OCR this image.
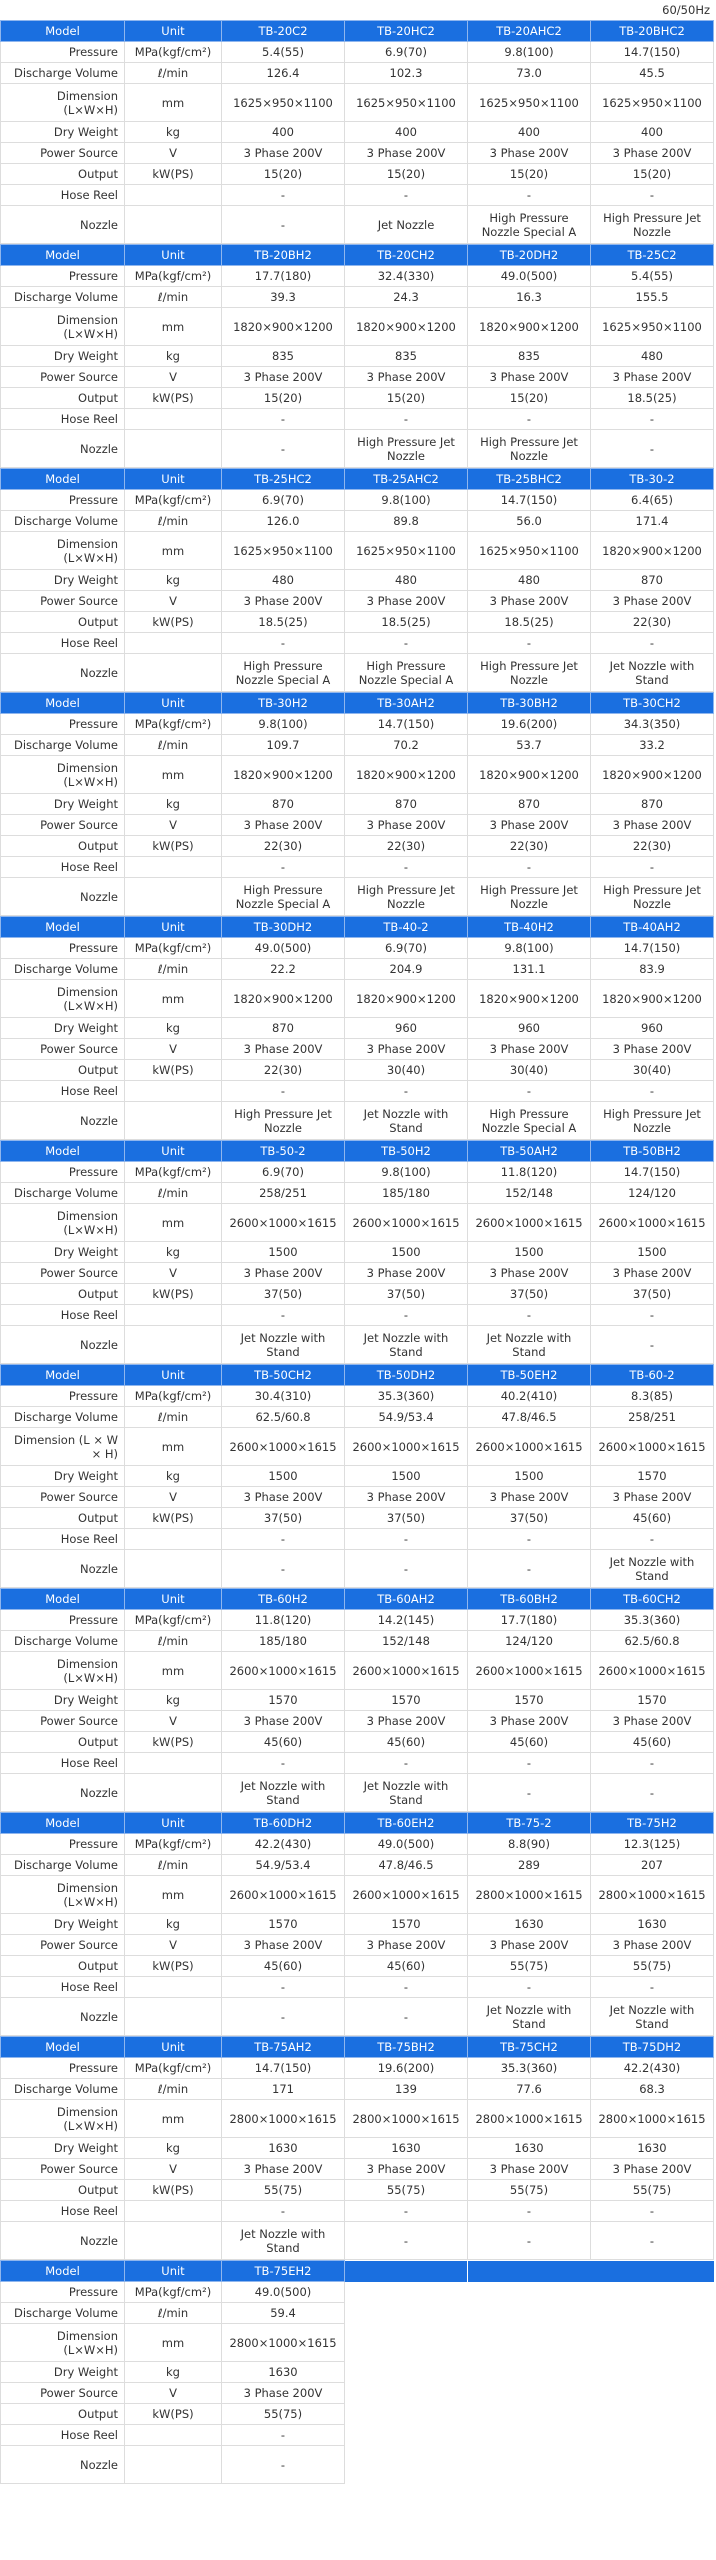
60/50Hz
Model	Unit	TB-20C2	TB-20HC2	TB-20AHC2	TB-20BHC2
Pressure	MPa(kgf/cm²)	5.4(55)	6.9(70)	9.8(100)	14.7(150)
Discharge Volume	ℓ/min	126.4	102.3	73.0	45.5
Dimension (L×W×H)	mm	1625×950×1100	1625×950×1100	1625×950×1100	1625×950×1100
Dry Weight	kg	400	400	400	400
Power Source	V	3 Phase 200V	3 Phase 200V	3 Phase 200V	3 Phase 200V
Output	kW(PS)	15(20)	15(20)	15(20)	15(20)
Hose Reel		-	-	-	-
Nozzle		-	Jet Nozzle	High Pressure Nozzle Special A	High Pressure Jet Nozzle
Model	Unit	TB-20BH2	TB-20CH2	TB-20DH2	TB-25C2
Pressure	MPa(kgf/cm²)	17.7(180)	32.4(330)	49.0(500)	5.4(55)
Discharge Volume	ℓ/min	39.3	24.3	16.3	155.5
Dimension (L×W×H)	mm	1820×900×1200	1820×900×1200	1820×900×1200	1625×950×1100
Dry Weight	kg	835	835	835	480
Power Source	V	3 Phase 200V	3 Phase 200V	3 Phase 200V	3 Phase 200V
Output	kW(PS)	15(20)	15(20)	15(20)	18.5(25)
Hose Reel		-	-	-	-
Nozzle		-	High Pressure Jet Nozzle	High Pressure Jet Nozzle	-
Model	Unit	TB-25HC2	TB-25AHC2	TB-25BHC2	TB-30-2
Pressure	MPa(kgf/cm²)	6.9(70)	9.8(100)	14.7(150)	6.4(65)
Discharge Volume	ℓ/min	126.0	89.8	56.0	171.4
Dimension (L×W×H)	mm	1625×950×1100	1625×950×1100	1625×950×1100	1820×900×1200
Dry Weight	kg	480	480	480	870
Power Source	V	3 Phase 200V	3 Phase 200V	3 Phase 200V	3 Phase 200V
Output	kW(PS)	18.5(25)	18.5(25)	18.5(25)	22(30)
Hose Reel		-	-	-	-
Nozzle		High Pressure Nozzle Special A	High Pressure Nozzle Special A	High Pressure Jet Nozzle	Jet Nozzle with Stand
Model	Unit	TB-30H2	TB-30AH2	TB-30BH2	TB-30CH2
Pressure	MPa(kgf/cm²)	9.8(100)	14.7(150)	19.6(200)	34.3(350)
Discharge Volume	ℓ/min	109.7	70.2	53.7	33.2
Dimension (L×W×H)	mm	1820×900×1200	1820×900×1200	1820×900×1200	1820×900×1200
Dry Weight	kg	870	870	870	870
Power Source	V	3 Phase 200V	3 Phase 200V	3 Phase 200V	3 Phase 200V
Output	kW(PS)	22(30)	22(30)	22(30)	22(30)
Hose Reel		-	-	-	-
Nozzle		High Pressure Nozzle Special A	High Pressure Jet Nozzle	High Pressure Jet Nozzle	High Pressure Jet Nozzle
Model	Unit	TB-30DH2	TB-40-2	TB-40H2	TB-40AH2
Pressure	MPa(kgf/cm²)	49.0(500)	6.9(70)	9.8(100)	14.7(150)
Discharge Volume	ℓ/min	22.2	204.9	131.1	83.9
Dimension (L×W×H)	mm	1820×900×1200	1820×900×1200	1820×900×1200	1820×900×1200
Dry Weight	kg	870	960	960	960
Power Source	V	3 Phase 200V	3 Phase 200V	3 Phase 200V	3 Phase 200V
Output	kW(PS)	22(30)	30(40)	30(40)	30(40)
Hose Reel		-	-	-	-
Nozzle		High Pressure Jet Nozzle	Jet Nozzle with Stand	High Pressure Nozzle Special A	High Pressure Jet Nozzle
Model	Unit	TB-50-2	TB-50H2	TB-50AH2	TB-50BH2
Pressure	MPa(kgf/cm²)	6.9(70)	9.8(100)	11.8(120)	14.7(150)
Discharge Volume	ℓ/min	258/251	185/180	152/148	124/120
Dimension (L×W×H)	mm	2600×1000×1615	2600×1000×1615	2600×1000×1615	2600×1000×1615
Dry Weight	kg	1500	1500	1500	1500
Power Source	V	3 Phase 200V	3 Phase 200V	3 Phase 200V	3 Phase 200V
Output	kW(PS)	37(50)	37(50)	37(50)	37(50)
Hose Reel		-	-	-	-
Nozzle		Jet Nozzle with Stand	Jet Nozzle with Stand	Jet Nozzle with Stand	-
Model	Unit	TB-50CH2	TB-50DH2	TB-50EH2	TB-60-2
Pressure	MPa(kgf/cm²)	30.4(310)	35.3(360)	40.2(410)	8.3(85)
Discharge Volume	ℓ/min	62.5/60.8	54.9/53.4	47.8/46.5	258/251
Dimension (L × W × H)	mm	2600×1000×1615	2600×1000×1615	2600×1000×1615	2600×1000×1615
Dry Weight	kg	1500	1500	1500	1570
Power Source	V	3 Phase 200V	3 Phase 200V	3 Phase 200V	3 Phase 200V
Output	kW(PS)	37(50)	37(50)	37(50)	45(60)
Hose Reel		-	-	-	-
Nozzle		-	-	-	Jet Nozzle with Stand
Model	Unit	TB-60H2	TB-60AH2	TB-60BH2	TB-60CH2
Pressure	MPa(kgf/cm²)	11.8(120)	14.2(145)	17.7(180)	35.3(360)
Discharge Volume	ℓ/min	185/180	152/148	124/120	62.5/60.8
Dimension (L×W×H)	mm	2600×1000×1615	2600×1000×1615	2600×1000×1615	2600×1000×1615
Dry Weight	kg	1570	1570	1570	1570
Power Source	V	3 Phase 200V	3 Phase 200V	3 Phase 200V	3 Phase 200V
Output	kW(PS)	45(60)	45(60)	45(60)	45(60)
Hose Reel		-	-	-	-
Nozzle		Jet Nozzle with Stand	Jet Nozzle with Stand	-	-
Model	Unit	TB-60DH2	TB-60EH2	TB-75-2	TB-75H2
Pressure	MPa(kgf/cm²)	42.2(430)	49.0(500)	8.8(90)	12.3(125)
Discharge Volume	ℓ/min	54.9/53.4	47.8/46.5	289	207
Dimension (L×W×H)	mm	2600×1000×1615	2600×1000×1615	2800×1000×1615	2800×1000×1615
Dry Weight	kg	1570	1570	1630	1630
Power Source	V	3 Phase 200V	3 Phase 200V	3 Phase 200V	3 Phase 200V
Output	kW(PS)	45(60)	45(60)	55(75)	55(75)
Hose Reel		-	-	-	-
Nozzle		-	-	Jet Nozzle with Stand	Jet Nozzle with Stand
Model	Unit	TB-75AH2	TB-75BH2	TB-75CH2	TB-75DH2
Pressure	MPa(kgf/cm²)	14.7(150)	19.6(200)	35.3(360)	42.2(430)
Discharge Volume	ℓ/min	171	139	77.6	68.3
Dimension (L×W×H)	mm	2800×1000×1615	2800×1000×1615	2800×1000×1615	2800×1000×1615
Dry Weight	kg	1630	1630	1630	1630
Power Source	V	3 Phase 200V	3 Phase 200V	3 Phase 200V	3 Phase 200V
Output	kW(PS)	55(75)	55(75)	55(75)	55(75)
Hose Reel		-	-	-	-
Nozzle		Jet Nozzle with Stand	-	-	-
Model	Unit	TB-75EH2			
Pressure	MPa(kgf/cm²)	49.0(500)			
Discharge Volume	ℓ/min	59.4			
Dimension (L×W×H)	mm	2800×1000×1615			
Dry Weight	kg	1630			
Power Source	V	3 Phase 200V			
Output	kW(PS)	55(75)			
Hose Reel		-			
Nozzle		-			
